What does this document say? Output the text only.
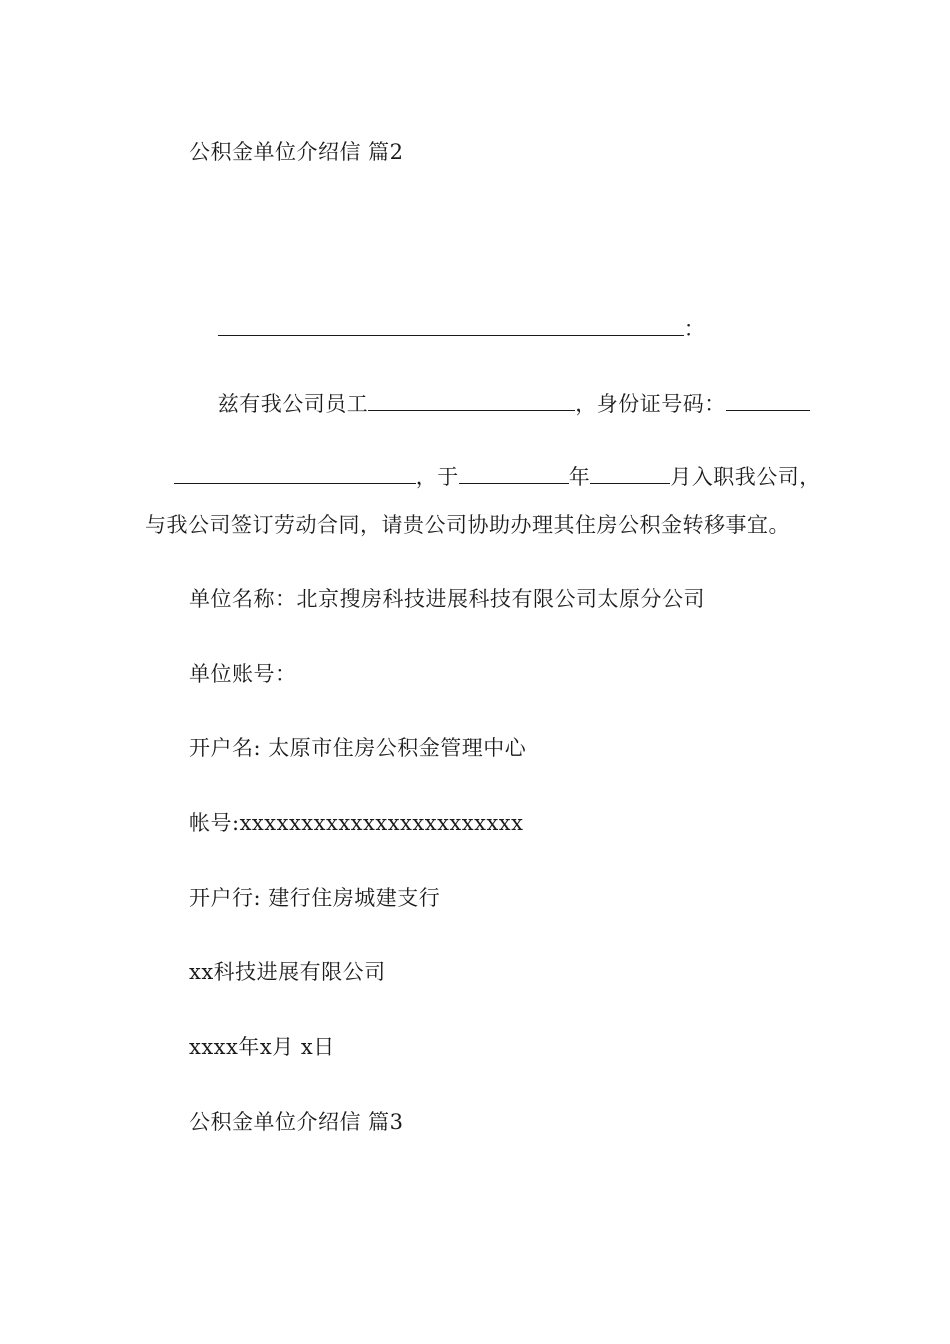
公积金单位介绍信 篇2

：

兹有我公司员工	，身份证号码：

，于	年	月入职我公司，

与我公司签订劳动合同，请贵公司协助办理其住房公积金转移事宜。
单位名称：北京搜房科技进展科技有限公司太原分公司
单位账号：
开户名: 太原市住房公积金管理中心
帐号:xxxxxxxxxxxxxxxxxxxxxxx
开户行: 建行住房城建支行
xx科技进展有限公司
xxxx年x月 x日
公积金单位介绍信 篇3
